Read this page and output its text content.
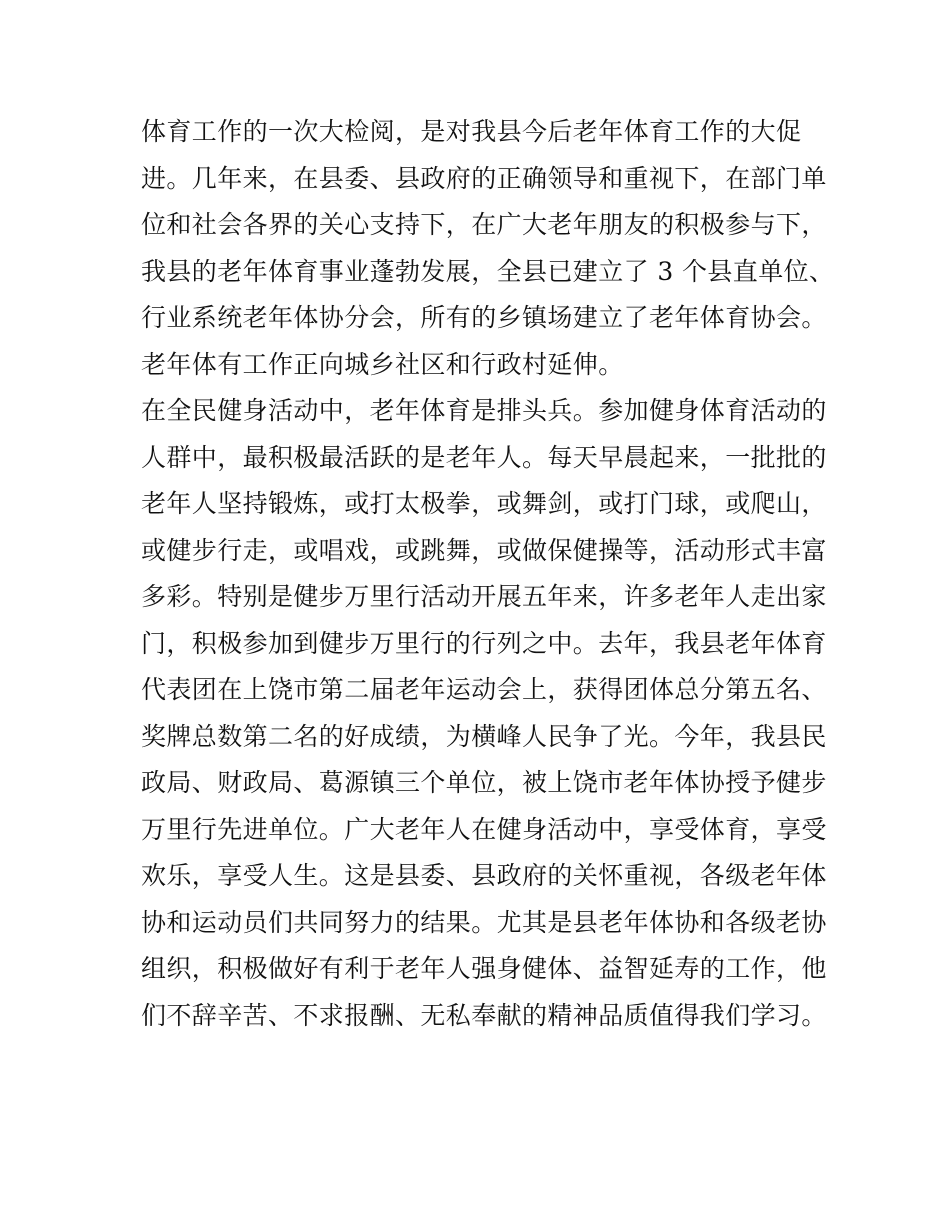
体育工作的一次大检阅，是对我县今后老年体育工作的大促
进。几年来，在县委、县政府的正确领导和重视下，在部门单
位和社会各界的关心支持下，在广大老年朋友的积极参与下，
我县的老年体育事业蓬勃发展，全县已建立了 3 个县直单位、
行业系统老年体协分会，所有的乡镇场建立了老年体育协会。
老年体有工作正向城乡社区和行政村延伸。
在全民健身活动中，老年体育是排头兵。参加健身体育活动的
人群中，最积极最活跃的是老年人。每天早晨起来，一批批的
老年人坚持锻炼，或打太极拳，或舞剑，或打门球，或爬山，
或健步行走，或唱戏，或跳舞，或做保健操等，活动形式丰富
多彩。特别是健步万里行活动开展五年来，许多老年人走出家
门，积极参加到健步万里行的行列之中。去年，我县老年体育
代表团在上饶市第二届老年运动会上，获得团体总分第五名、
奖牌总数第二名的好成绩，为横峰人民争了光。今年，我县民
政局、财政局、葛源镇三个单位，被上饶市老年体协授予健步
万里行先进单位。广大老年人在健身活动中，享受体育，享受
欢乐，享受人生。这是县委、县政府的关怀重视，各级老年体
协和运动员们共同努力的结果。尤其是县老年体协和各级老协
组织，积极做好有利于老年人强身健体、益智延寿的工作，他
们不辞辛苦、不求报酬、无私奉献的精神品质值得我们学习。
